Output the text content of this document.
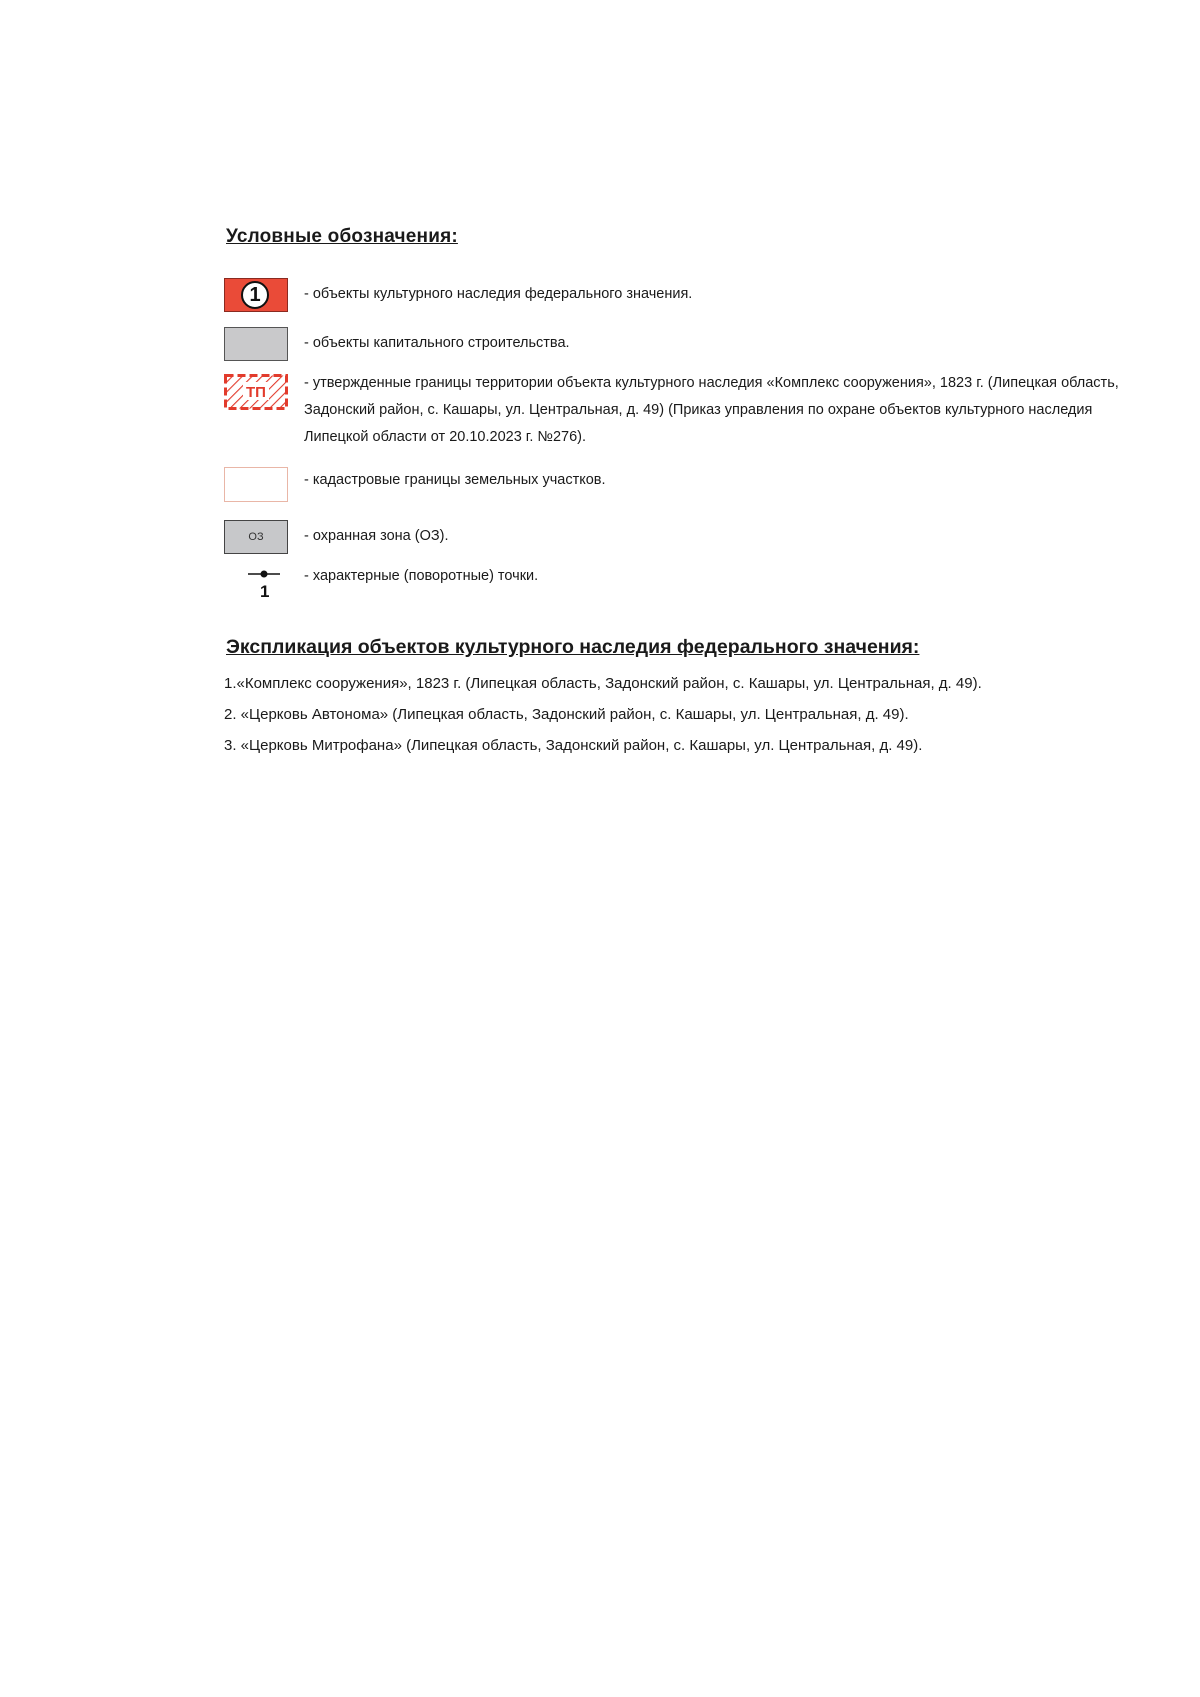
Условные обозначения:
1	- объекты культурного наследия федерального значения.
- объекты капитального строительства.
ТП
- утвержденные границы территории объекта культурного наследия «Комплекс сооружения», 1823 г. (Липецкая область, Задонский район, с. Кашары, ул. Центральная, д. 49) (Приказ управления по охране объектов культурного наследия Липецкой области от 20.10.2023 г. №276).
- кадастровые границы земельных участков.
ОЗ	- охранная зона (ОЗ).
1
- характерные (поворотные) точки.
Экспликация объектов культурного наследия федерального значения:
1.«Комплекс сооружения», 1823 г. (Липецкая область, Задонский район, с. Кашары, ул. Центральная, д. 49).
2. «Церковь Автонома» (Липецкая область, Задонский район, с. Кашары, ул. Центральная, д. 49).
3. «Церковь Митрофана» (Липецкая область, Задонский район, с. Кашары, ул. Центральная, д. 49).
